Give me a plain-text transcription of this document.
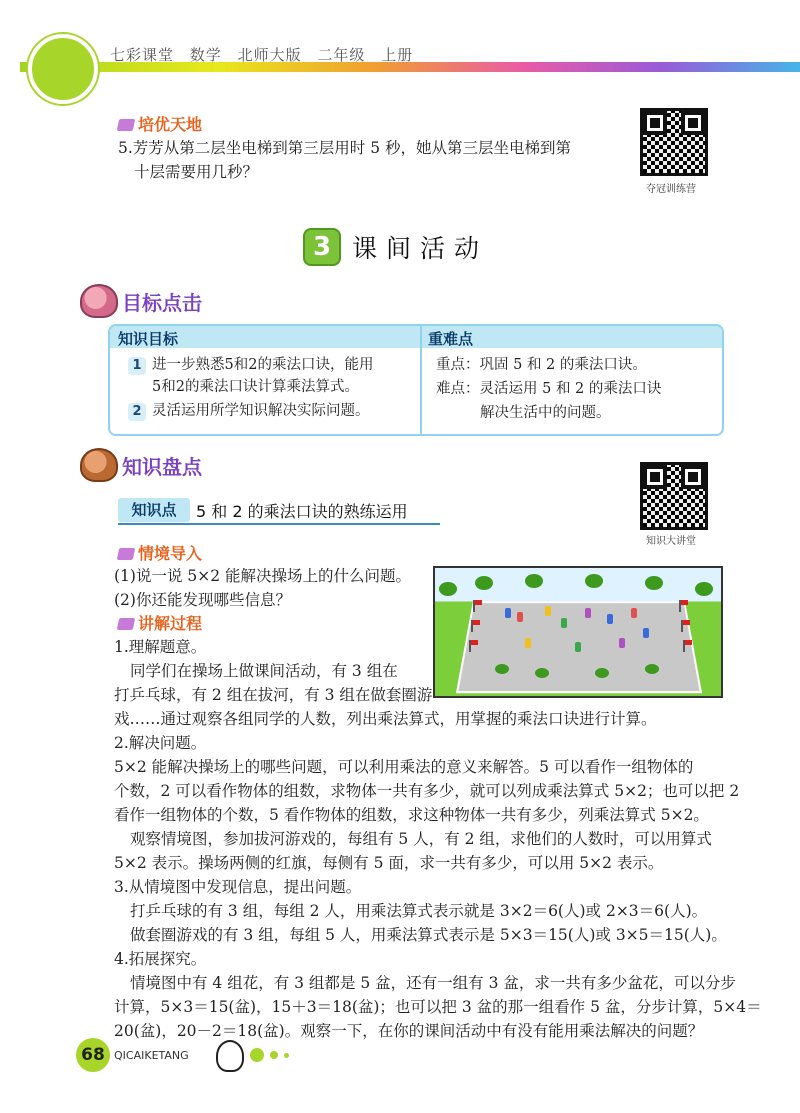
七彩课堂 数学 北师大版 二年级 上册
培优天地
5.芳芳从第二层坐电梯到第三层用时 5 秒，她从第三层坐电梯到第
十层需要用几秒？
夺冠训练营
3 课间活动
目标点击
知识目标	重难点
1 进一步熟悉5和2的乘法口诀，能用
5和2的乘法口诀计算乘法算式。
2 灵活运用所学知识解决实际问题。
重点：巩固 5 和 2 的乘法口诀。
难点：灵活运用 5 和 2 的乘法口诀
解决生活中的问题。
知识盘点
知识大讲堂
知识点	5 和 2 的乘法口诀的熟练运用
情境导入
(1)说一说 5×2 能解决操场上的什么问题。
(2)你还能发现哪些信息？
讲解过程
1.理解题意。
同学们在操场上做课间活动，有 3 组在
打乒乓球，有 2 组在拔河，有 3 组在做套圈游
戏……通过观察各组同学的人数，列出乘法算式，用掌握的乘法口诀进行计算。
2.解决问题。
5×2 能解决操场上的哪些问题，可以利用乘法的意义来解答。5 可以看作一组物体的
个数，2 可以看作物体的组数，求物体一共有多少，就可以列成乘法算式 5×2；也可以把 2
看作一组物体的个数，5 看作物体的组数，求这种物体一共有多少，列乘法算式 5×2。
观察情境图，参加拔河游戏的，每组有 5 人，有 2 组，求他们的人数时，可以用算式
5×2 表示。操场两侧的红旗，每侧有 5 面，求一共有多少，可以用 5×2 表示。
3.从情境图中发现信息，提出问题。
打乒乓球的有 3 组，每组 2 人，用乘法算式表示就是 3×2＝6(人)或 2×3＝6(人)。
做套圈游戏的有 3 组，每组 5 人，用乘法算式表示是 5×3＝15(人)或 3×5＝15(人)。
4.拓展探究。
情境图中有 4 组花，有 3 组都是 5 盆，还有一组有 3 盆，求一共有多少盆花，可以分步
计算，5×3＝15(盆)，15＋3＝18(盆)；也可以把 3 盆的那一组看作 5 盆，分步计算，5×4＝
20(盆)，20－2＝18(盆)。观察一下，在你的课间活动中有没有能用乘法解决的问题？
68 QICAIKETANG
